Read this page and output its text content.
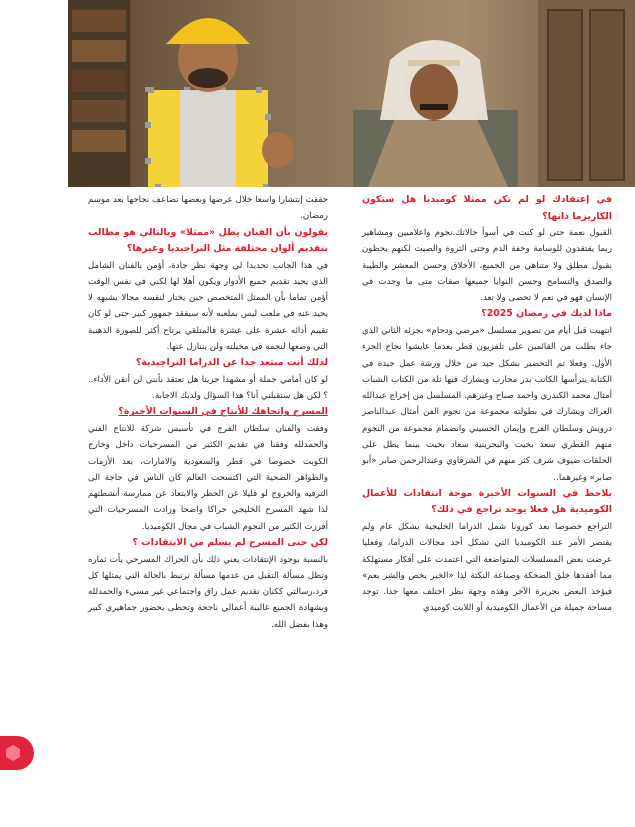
في إعتقادك لو لم تكن ممثلا كوميديا هل ستكون الكاريزما ذاتها؟

القبول نعمة حتى لو كنت في أسوأ حالاتك.نجوم واعلاميين ومشاهير ربما يفتقدون للوسامة وخفة الدم وحتى الثروة والصيت لكنهم يحظون بقبول مطلق ولا متناهي من الجميع، الأخلاق وحسن المعشر والطيبة والصدق والتسامح وحسن النوايا جميعها صفات متى ما وجدت في الإنسان فهو في نعم لا تحصى ولا تعد.

ماذا لديك في رمضان 2025؟

انتهيت قبل أيام من تصوير مسلسل «مرضي ودحام» بجزئه الثاني الذي جاء بطلب من القائمين على تلفزيون قطر بعدما عايشوا نجاح الجزء الأول. وفعلا تم التحضير بشكل جيد من خلال ورشة عمل جيدة في الكتابة يترأسها الكاتب بدر محارب ويشارك فيها ثلة من الكتاب الشباب أمثال محمد الكندري واحمد صباح وغيرهم. المسلسل من إخراج عبدالله العراك ويشارك في بطولته مجموعة من نجوم الفن أمثال عبدالناصر درويش وسلطان الفرج وإيمان الحسيني وانضمام مجموعة من النجوم منهم القطري سعد بخيت والبحرينية سعاد بخيت بينما يطل على الحلقات ضيوف شرف كثر منهم في الشرقاوي وعبدالرحمن صابر «أبو صابر» وغيرهما..

يلاحظ في السنوات الأخيرة موجة انتقادات للأعمال الكوميدية هل فعلا يوجد تراجع في ذلك؟

التراجع خصوصا بعد كورونا شمل الدراما الخليجية بشكل عام ولم يقتصر الأمر عند الكوميديا التي تشكل أحد مجالات الدراما، وفعليا عرضت بعض المسلسلات المتواضعة التي اعتمدت على أفكار مستهلكة مما أفقدها خلق الضحكة وصناعة النكتة لذا «الخير يخص والشر يعم» فيؤخذ البعض بجريرة الآخر وهذه وجهة نظر اختلف معها جدا. توجد مساحة جميلة من الأعمال الكوميدية أو اللايت كوميدي

حققت إنتشارا واسعا خلال عرضها وبعضها تضاعف نجاحها بعد موسم رمضان.

يقولون بأن الفنان يظل «ممثلا» وبالتالي هو مطالب بتقديم ألوان مختلفة مثل التراجيديا وغيرها؟

في هذا الجانب تحديدا لي وجهة نظر جادة، أؤمن بالفنان الشامل الذي يجيد تقديم جميع الأدوار ويكون أهلا لها لكني في نفس الوقت أؤمن تماما بأن الممثل المتخصص حين يختار لنفسه مجالا يشبهه لا يحيد عنه في ملعب ليس بملعبه لأنه سيفقد جمهور كبير حتى لو كان تقييم أدائه عشرة على عشرة فالمتلقي يرتاح أكثر للصورة الذهنية التي وضعها لنجمه في مخيلته ولن يتنازل عنها.

لذلك أنت مبتعد جدا عن الدراما التراجيدية؟

لو كان أمامي جملة أو مشهدا حزينا هل تعتقد بأنني لن أتقن الأداء.. ؟ لكن هل ستقبلني أنا؟ هذا السؤال ولديك الاجابة.

المسرح واتجاهك للأنتاج في السنوات الأخيرة؟

وفقت والفنان سلطان الفرج في تأسيس شركة للانتاج الفني والحمدلله وفقنا في تقديم الكثير من المسرحيات داخل وخارج الكويت خصوصا في قطر والسعودية والامارات، بعد الأزمات والظواهر الصحية التي اكتسحت العالم كان الناس في حاجة الى الترفيه والخروج لو قليلا عن الحظر والابتعاد عن ممارسة أنشطتهم لذا شهد المسرح الخليجي حراكا واضحا وزادت المسرحيات التي أفرزت الكثير من النجوم الشباب في مجال الكوميديا.

لكن حتى المسرح لم يسلم من الانتقادات ؟

بالنسبة بوجود الإنتقادات يعني ذلك بأن الحراك المسرحي يأت ثماره وتظل مسألة التقبل من عدمها مسألة ترتبط بالحالة التي يمثلها كل فرد،رسالتي ككنان تقديم عمل راق واجتماعي غير مسيء والحمدلله وبشهادة الجميع غالبية أعمالي ناجحة وتحظى بحضور جماهيري كبير وهذا بفضل الله.
